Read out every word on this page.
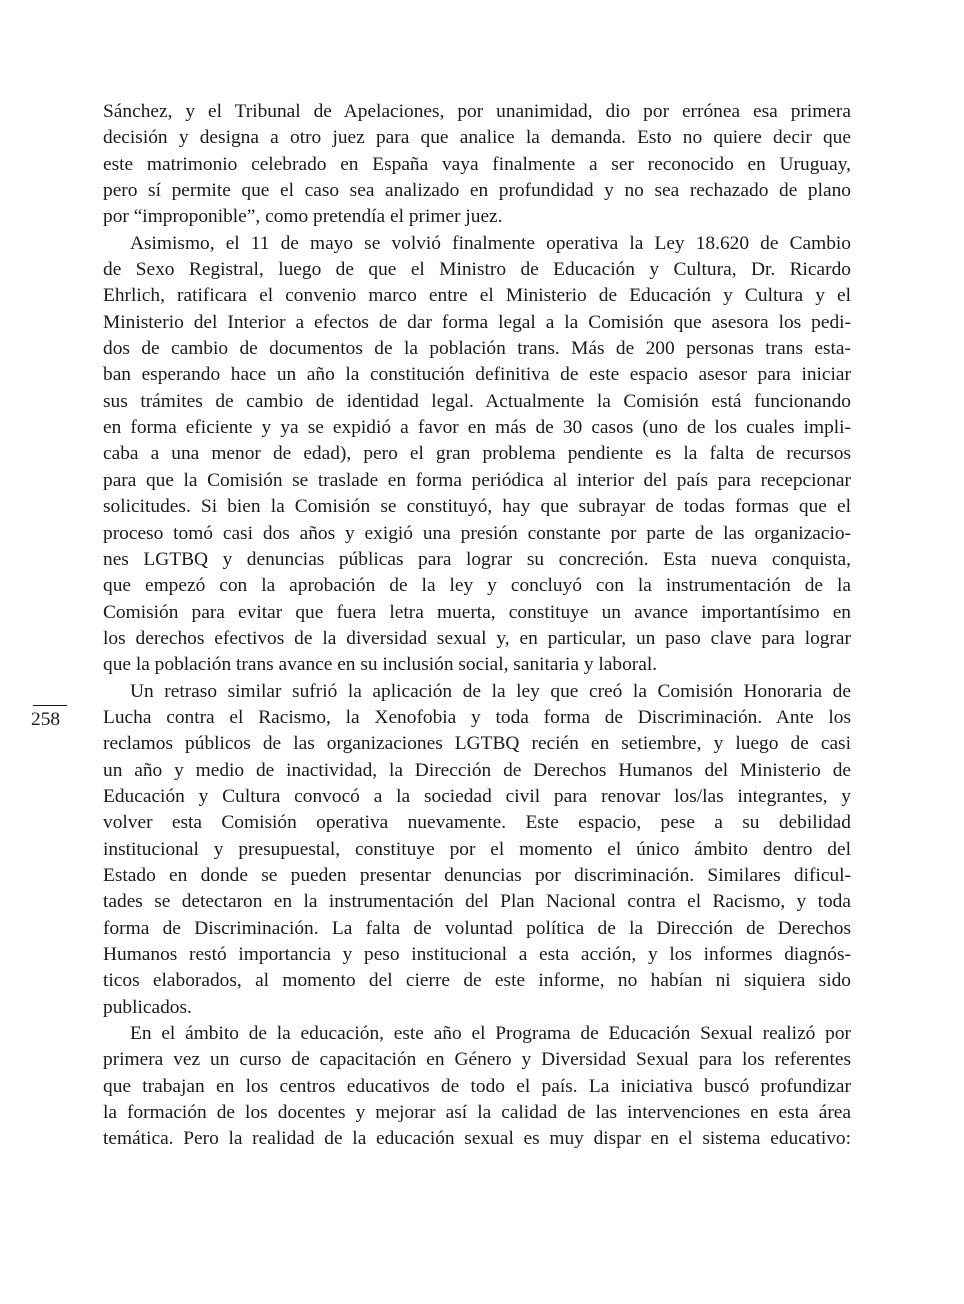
258

Sánchez, y el Tribunal de Apelaciones, por unanimidad, dio por errónea esa primera
decisión y designa a otro juez para que analice la demanda. Esto no quiere decir que
este matrimonio celebrado en España vaya finalmente a ser reconocido en Uruguay,
pero sí permite que el caso sea analizado en profundidad y no sea rechazado de plano
por “improponible”, como pretendía el primer juez.

Asimismo, el 11 de mayo se volvió finalmente operativa la Ley 18.620 de Cambio
de Sexo Registral, luego de que el Ministro de Educación y Cultura, Dr. Ricardo
Ehrlich, ratificara el convenio marco entre el Ministerio de Educación y Cultura y el
Ministerio del Interior a efectos de dar forma legal a la Comisión que asesora los pedi-
dos de cambio de documentos de la población trans. Más de 200 personas trans esta-
ban esperando hace un año la constitución definitiva de este espacio asesor para iniciar
sus trámites de cambio de identidad legal. Actualmente la Comisión está funcionando
en forma eficiente y ya se expidió a favor en más de 30 casos (uno de los cuales impli-
caba a una menor de edad), pero el gran problema pendiente es la falta de recursos
para que la Comisión se traslade en forma periódica al interior del país para recepcionar
solicitudes. Si bien la Comisión se constituyó, hay que subrayar de todas formas que el
proceso tomó casi dos años y exigió una presión constante por parte de las organizacio-
nes LGTBQ y denuncias públicas para lograr su concreción. Esta nueva conquista,
que empezó con la aprobación de la ley y concluyó con la instrumentación de la
Comisión para evitar que fuera letra muerta, constituye un avance importantísimo en
los derechos efectivos de la diversidad sexual y, en particular, un paso clave para lograr
que la población trans avance en su inclusión social, sanitaria y laboral.

Un retraso similar sufrió la aplicación de la ley que creó la Comisión Honoraria de
Lucha contra el Racismo, la Xenofobia y toda forma de Discriminación. Ante los
reclamos públicos de las organizaciones LGTBQ recién en setiembre, y luego de casi
un año y medio de inactividad, la Dirección de Derechos Humanos del Ministerio de
Educación y Cultura convocó a la sociedad civil para renovar los/las integrantes, y
volver esta Comisión operativa nuevamente. Este espacio, pese a su debilidad
institucional y presupuestal, constituye por el momento el único ámbito dentro del
Estado en donde se pueden presentar denuncias por discriminación. Similares dificul-
tades se detectaron en la instrumentación del Plan Nacional contra el Racismo, y toda
forma de Discriminación. La falta de voluntad política de la Dirección de Derechos
Humanos restó importancia y peso institucional a esta acción, y los informes diagnós-
ticos elaborados, al momento del cierre de este informe, no habían ni siquiera sido
publicados.

En el ámbito de la educación, este año el Programa de Educación Sexual realizó por
primera vez un curso de capacitación en Género y Diversidad Sexual para los referentes
que trabajan en los centros educativos de todo el país. La iniciativa buscó profundizar
la formación de los docentes y mejorar así la calidad de las intervenciones en esta área
temática. Pero la realidad de la educación sexual es muy dispar en el sistema educativo:
